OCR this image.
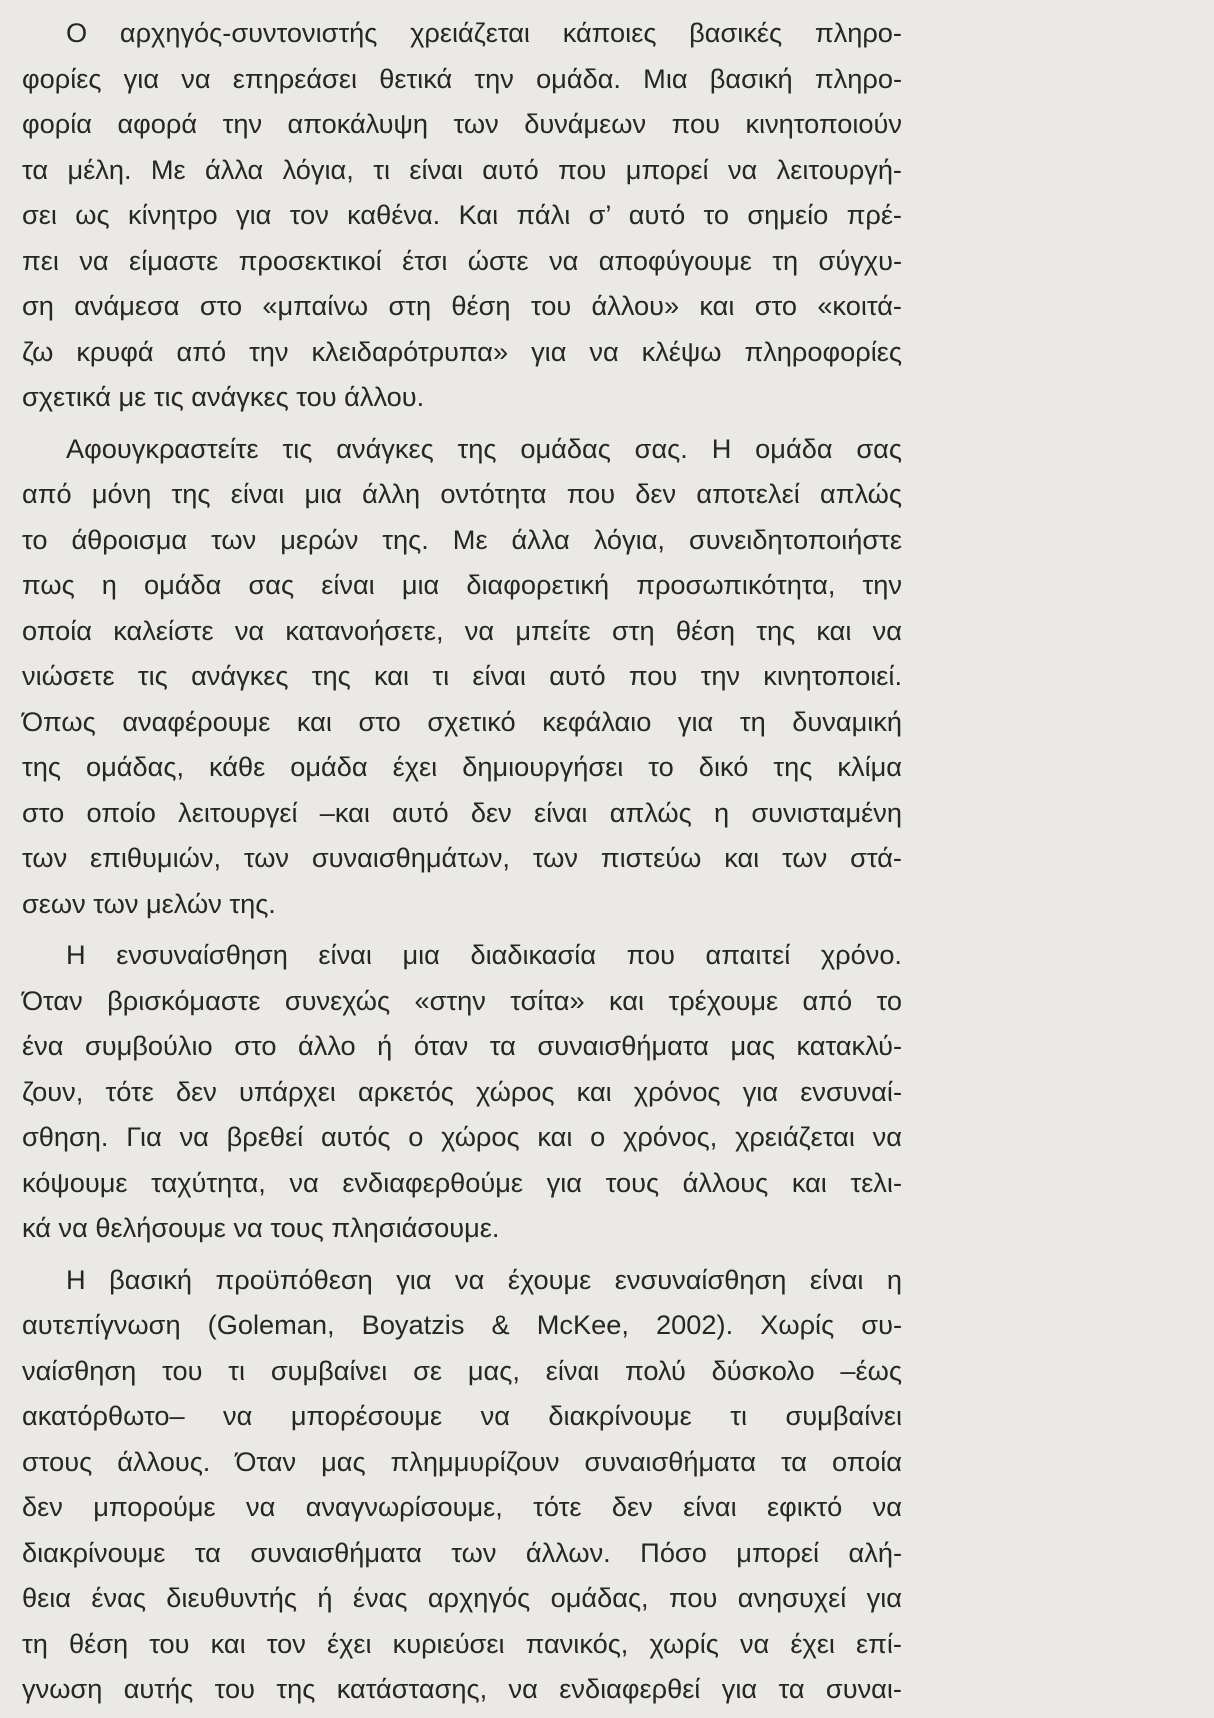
Ο αρχηγός-συντονιστής χρειάζεται κάποιες βασικές πληρο-
φορίες για να επηρεάσει θετικά την ομάδα. Μια βασική πληρο-
φορία αφορά την αποκάλυψη των δυνάμεων που κινητοποιούν
τα μέλη. Με άλλα λόγια, τι είναι αυτό που μπορεί να λειτουργή-
σει ως κίνητρο για τον καθένα. Και πάλι σ’ αυτό το σημείο πρέ-
πει να είμαστε προσεκτικοί έτσι ώστε να αποφύγουμε τη σύγχυ-
ση ανάμεσα στο «μπαίνω στη θέση του άλλου» και στο «κοιτά-
ζω κρυφά από την κλειδαρότρυπα» για να κλέψω πληροφορίες
σχετικά με τις ανάγκες του άλλου.
Αφουγκραστείτε τις ανάγκες της ομάδας σας. Η ομάδα σας
από μόνη της είναι μια άλλη οντότητα που δεν αποτελεί απλώς
το άθροισμα των μερών της. Με άλλα λόγια, συνειδητοποιήστε
πως η ομάδα σας είναι μια διαφορετική προσωπικότητα, την
οποία καλείστε να κατανοήσετε, να μπείτε στη θέση της και να
νιώσετε τις ανάγκες της και τι είναι αυτό που την κινητοποιεί.
Όπως αναφέρουμε και στο σχετικό κεφάλαιο για τη δυναμική
της ομάδας, κάθε ομάδα έχει δημιουργήσει το δικό της κλίμα
στο οποίο λειτουργεί –και αυτό δεν είναι απλώς η συνισταμένη
των επιθυμιών, των συναισθημάτων, των πιστεύω και των στά-
σεων των μελών της.
Η ενσυναίσθηση είναι μια διαδικασία που απαιτεί χρόνο.
Όταν βρισκόμαστε συνεχώς «στην τσίτα» και τρέχουμε από το
ένα συμβούλιο στο άλλο ή όταν τα συναισθήματα μας κατακλύ-
ζουν, τότε δεν υπάρχει αρκετός χώρος και χρόνος για ενσυναί-
σθηση. Για να βρεθεί αυτός ο χώρος και ο χρόνος, χρειάζεται να
κόψουμε ταχύτητα, να ενδιαφερθούμε για τους άλλους και τελι-
κά να θελήσουμε να τους πλησιάσουμε.
Η βασική προϋπόθεση για να έχουμε ενσυναίσθηση είναι η
αυτεπίγνωση (Goleman, Boyatzis & McKee, 2002). Χωρίς συ-
ναίσθηση του τι συμβαίνει σε μας, είναι πολύ δύσκολο –έως
ακατόρθωτο– να μπορέσουμε να διακρίνουμε τι συμβαίνει
στους άλλους. Όταν μας πλημμυρίζουν συναισθήματα τα οποία
δεν μπορούμε να αναγνωρίσουμε, τότε δεν είναι εφικτό να
διακρίνουμε τα συναισθήματα των άλλων. Πόσο μπορεί αλή-
θεια ένας διευθυντής ή ένας αρχηγός ομάδας, που ανησυχεί για
τη θέση του και τον έχει κυριεύσει πανικός, χωρίς να έχει επί-
γνωση αυτής του της κατάστασης, να ενδιαφερθεί για τα συναι-
